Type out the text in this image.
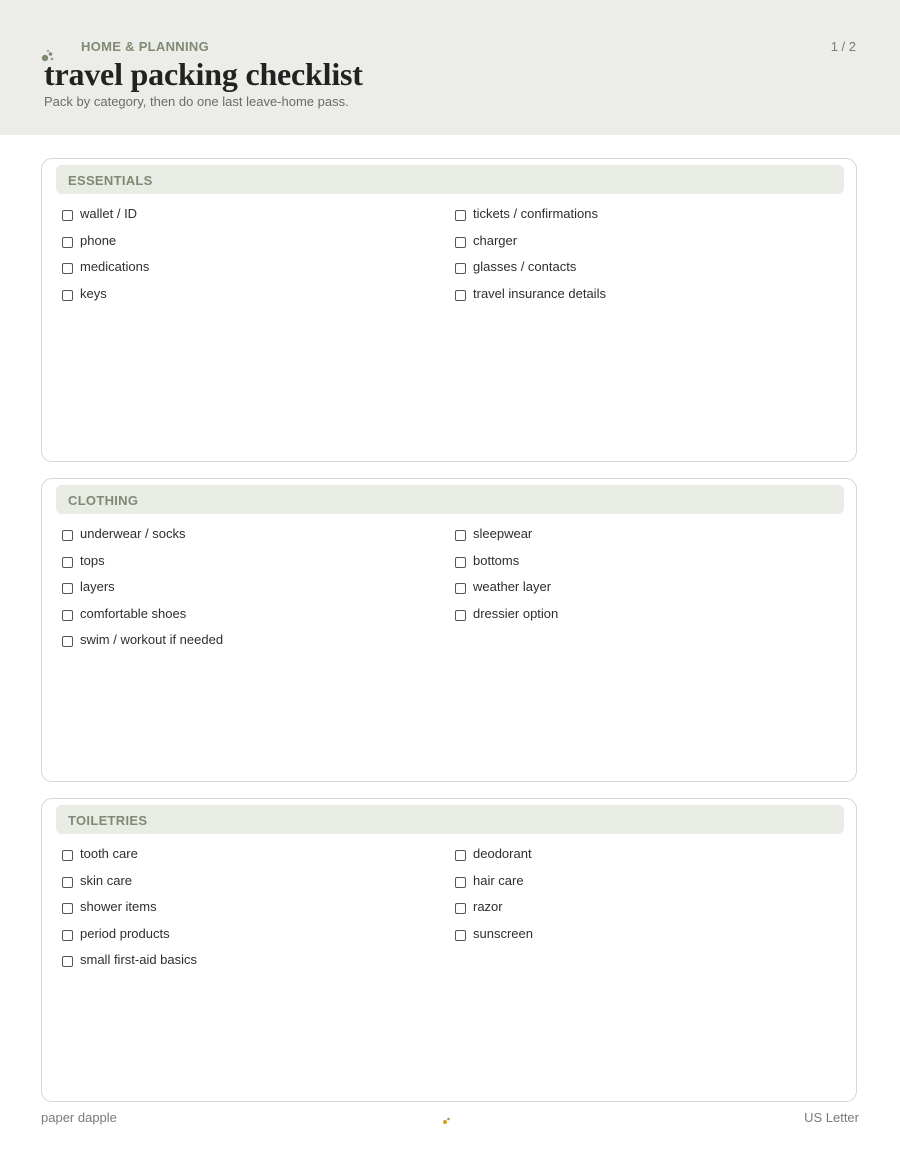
HOME & PLANNING	1 / 2
travel packing checklist
Pack by category, then do one last leave-home pass.
ESSENTIALS
wallet / ID	tickets / confirmations
phone	charger
medications	glasses / contacts
keys	travel insurance details
CLOTHING
underwear / socks	sleepwear
tops	bottoms
layers	weather layer
comfortable shoes	dressier option
swim / workout if needed
TOILETRIES
tooth care	deodorant
skin care	hair care
shower items	razor
period products	sunscreen
small first-aid basics
paper dapple	US Letter
